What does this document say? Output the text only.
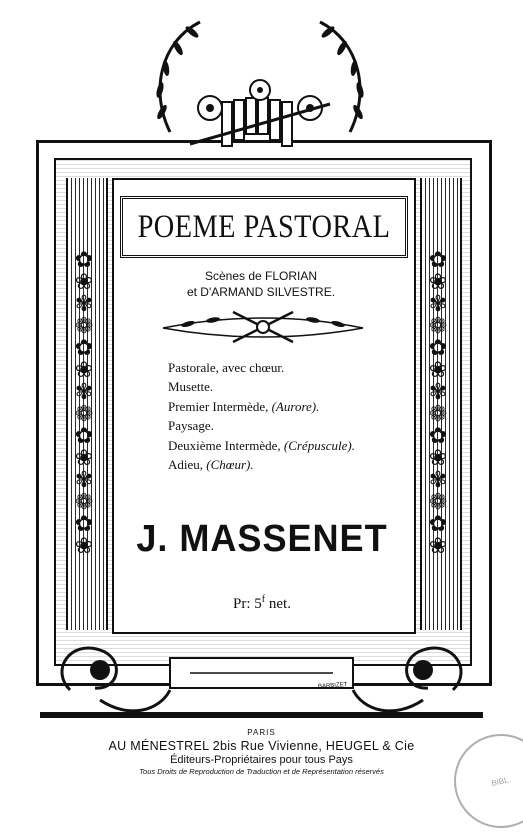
✿
❀
✾
❁
✿
❀
✾
❁
✿
❀
✾
❁
✿
❀
✿
❀
✾
❁
✿
❀
✾
❁
✿
❀
✾
❁
✿
❀
POEME PASTORAL
Scènes de FLORIAN
et D'ARMAND SILVESTRE.
Pastorale, avec chœur.
Musette.
Premier Intermède, (Aurore).
Paysage.
Deuxième Intermède, (Crépuscule).
Adieu, (Chœur).
J. MASSENET
Pr: 5$^f$ net.
BARBIZET
PARIS
AU MÉNESTREL 2bis Rue Vivienne, HEUGEL & Cie
Éditeurs-Propriétaires pour tous Pays
Tous Droits de Reproduction de Traduction et de Représentation réservés
BIBL.
